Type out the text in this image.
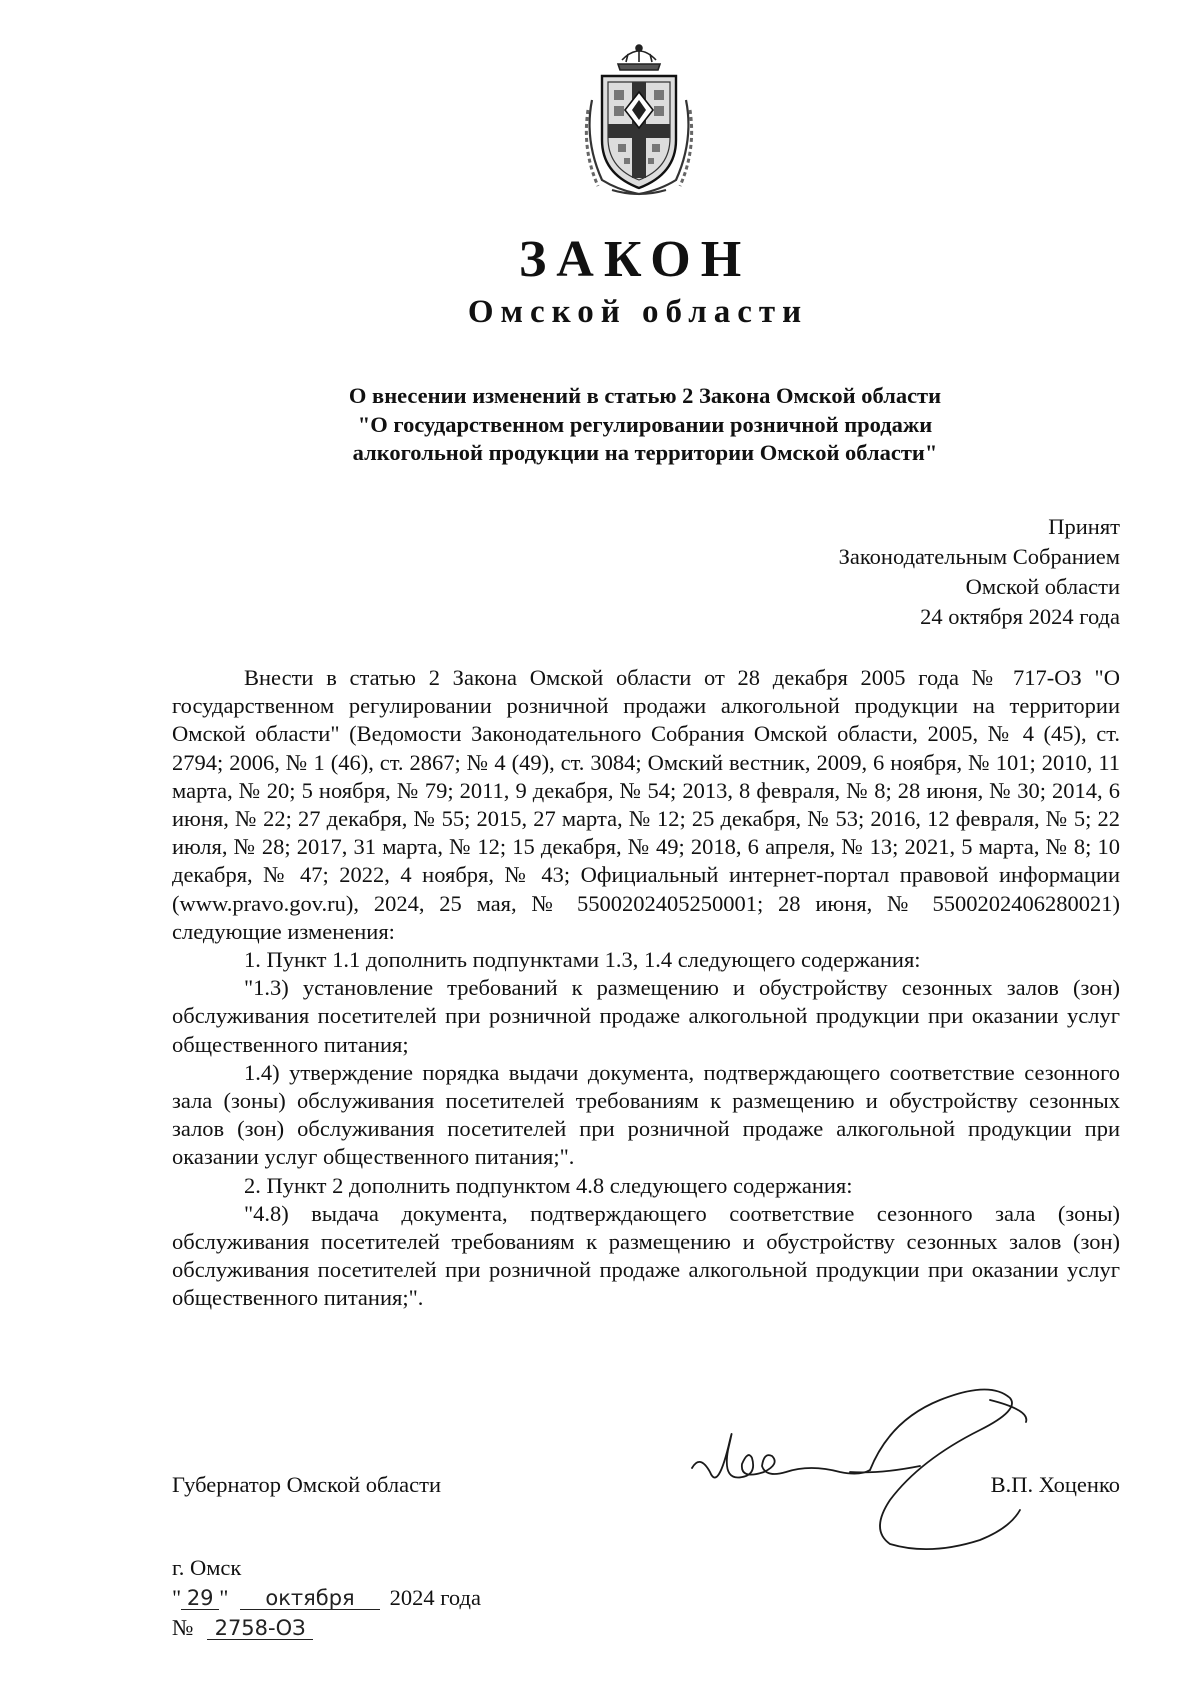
ЗАКОН
Омской области
О внесении изменений в статью 2 Закона Омской области
"О государственном регулировании розничной продажи
алкогольной продукции на территории Омской области"
Принят
Законодательным Собранием
Омской области
24 октября 2024 года
Внести в статью 2 Закона Омской области от 28 декабря 2005 года № 717-ОЗ "О государственном регулировании розничной продажи алкогольной продукции на территории Омской области" (Ведомости Законодательного Собрания Омской области, 2005, № 4 (45), ст. 2794; 2006, № 1 (46), ст. 2867; № 4 (49), ст. 3084; Омский вестник, 2009, 6 ноября, № 101; 2010, 11 марта, № 20; 5 ноября, № 79; 2011, 9 декабря, № 54; 2013, 8 февраля, № 8; 28 июня, № 30; 2014, 6 июня, № 22; 27 декабря, № 55; 2015, 27 марта, № 12; 25 декабря, № 53; 2016, 12 февраля, № 5; 22 июля, № 28; 2017, 31 марта, № 12; 15 декабря, № 49; 2018, 6 апреля, № 13; 2021, 5 марта, № 8; 10 декабря, № 47; 2022, 4 ноября, № 43; Официальный интернет-портал правовой информации (www.pravo.gov.ru), 2024, 25 мая, № 5500202405250001; 28 июня, № 5500202406280021) следующие изменения:
1. Пункт 1.1 дополнить подпунктами 1.3, 1.4 следующего содержания:
"1.3) установление требований к размещению и обустройству сезонных залов (зон) обслуживания посетителей при розничной продаже алкогольной продукции при оказании услуг общественного питания;
1.4) утверждение порядка выдачи документа, подтверждающего соответствие сезонного зала (зоны) обслуживания посетителей требованиям к размещению и обустройству сезонных залов (зон) обслуживания посетителей при розничной продаже алкогольной продукции при оказании услуг общественного питания;".
2. Пункт 2 дополнить подпунктом 4.8 следующего содержания:
"4.8) выдача документа, подтверждающего соответствие сезонного зала (зоны) обслуживания посетителей требованиям к размещению и обустройству сезонных залов (зон) обслуживания посетителей при розничной продаже алкогольной продукции при оказании услуг общественного питания;".
Губернатор Омской области	В.П. Хоценко
г. Омск
" 29 " октября 2024 года
№ 2758-ОЗ
